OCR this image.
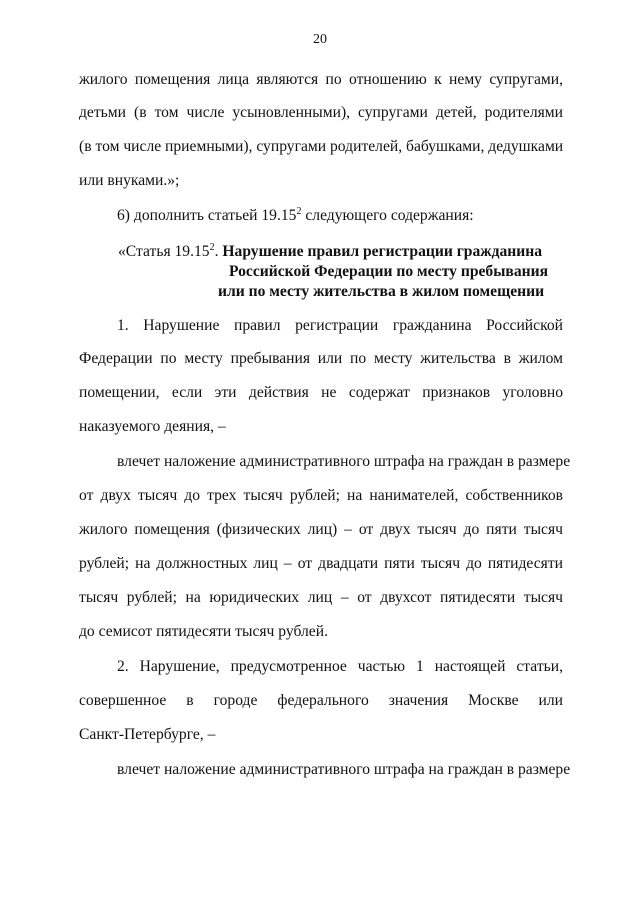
20
жилого помещения лица являются по отношению к нему супругами,
детьми (в том числе усыновленными), супругами детей, родителями
(в том числе приемными), супругами родителей, бабушками, дедушками
или внуками.»;
6) дополнить статьей 19.15$^2$ следующего содержания:
«Статья 19.15$^2$. Нарушение правил регистрации гражданина
Российской Федерации по месту пребывания
или по месту жительства в жилом помещении
1. Нарушение правил регистрации гражданина Российской
Федерации по месту пребывания или по месту жительства в жилом
помещении, если эти действия не содержат признаков уголовно
наказуемого деяния, –
влечет наложение административного штрафа на граждан в размере
от двух тысяч до трех тысяч рублей; на нанимателей, собственников
жилого помещения (физических лиц) – от двух тысяч до пяти тысяч
рублей; на должностных лиц – от двадцати пяти тысяч до пятидесяти
тысяч рублей; на юридических лиц – от двухсот пятидесяти тысяч
до семисот пятидесяти тысяч рублей.
2. Нарушение, предусмотренное частью 1 настоящей статьи,
совершенное в городе федерального значения Москве или
Санкт-Петербурге, –
влечет наложение административного штрафа на граждан в размере
